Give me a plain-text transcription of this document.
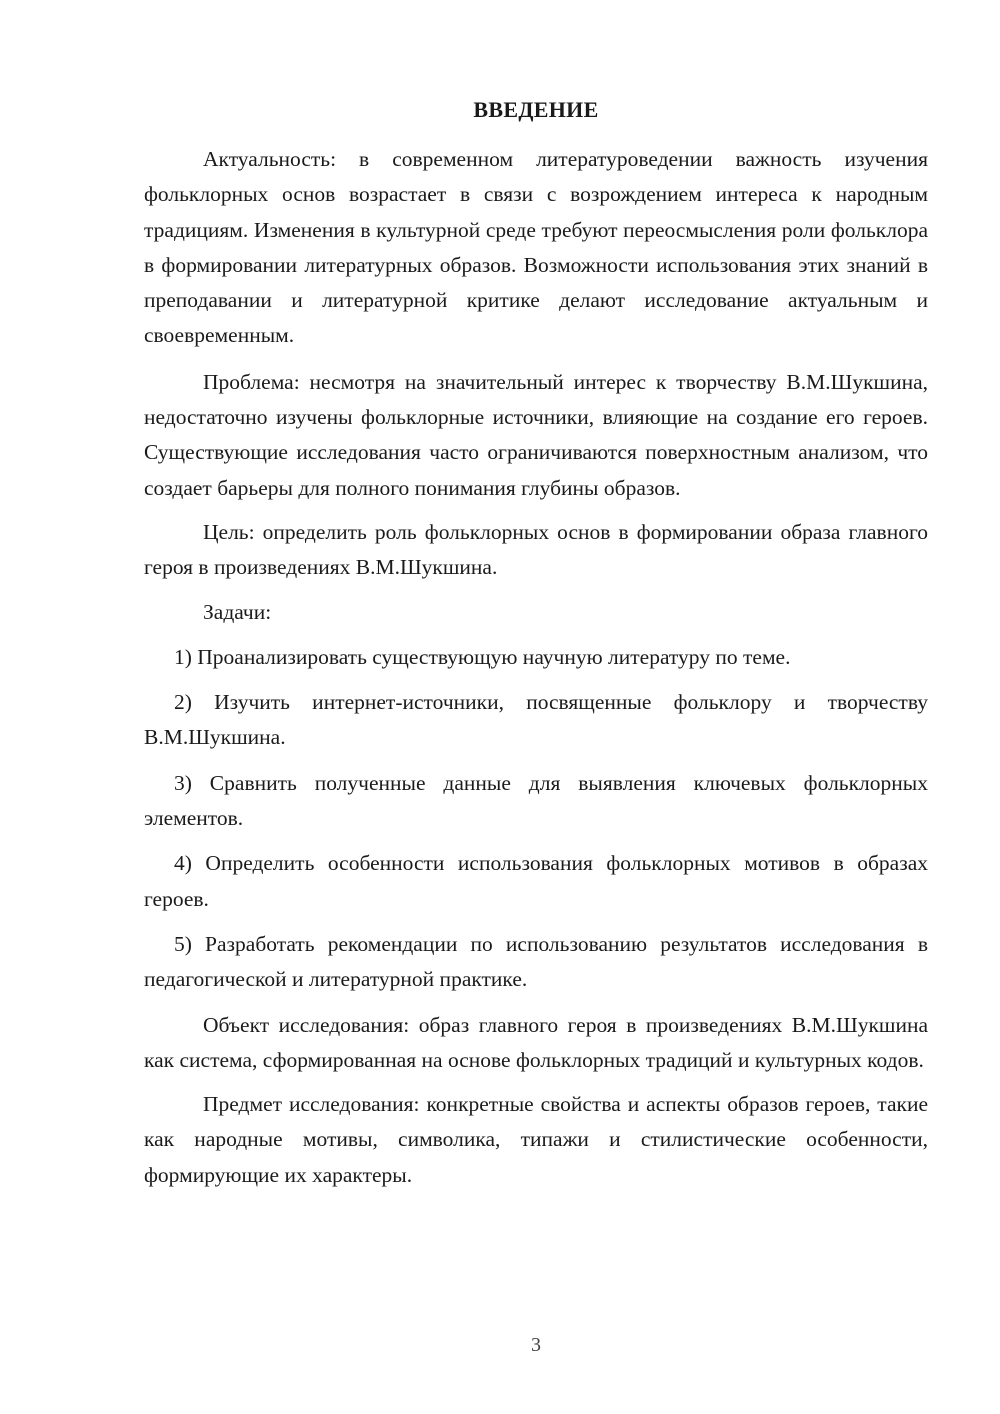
ВВЕДЕНИЕ

Актуальность: в современном литературоведении важность изучения фольклорных основ возрастает в связи с возрождением интереса к народным традициям. Изменения в культурной среде требуют переосмысления роли фольклора в формировании литературных образов. Возможности использования этих знаний в преподавании и литературной критике делают исследование актуальным и своевременным.

Проблема: несмотря на значительный интерес к творчеству В.М.Шукшина, недостаточно изучены фольклорные источники, влияющие на создание его героев. Существующие исследования часто ограничиваются поверхностным анализом, что создает барьеры для полного понимания глубины образов.

Цель: определить роль фольклорных основ в формировании образа главного героя в произведениях В.М.Шукшина.

Задачи:

1) Проанализировать существующую научную литературу по теме.

2) Изучить интернет-источники, посвященные фольклору и творчеству В.М.Шукшина.

3) Сравнить полученные данные для выявления ключевых фольклорных элементов.

4) Определить особенности использования фольклорных мотивов в образах героев.

5) Разработать рекомендации по использованию результатов исследования в педагогической и литературной практике.

Объект исследования: образ главного героя в произведениях В.М.Шукшина как система, сформированная на основе фольклорных традиций и культурных кодов.

Предмет исследования: конкретные свойства и аспекты образов героев, такие как народные мотивы, символика, типажи и стилистические особенности, формирующие их характеры.

3
